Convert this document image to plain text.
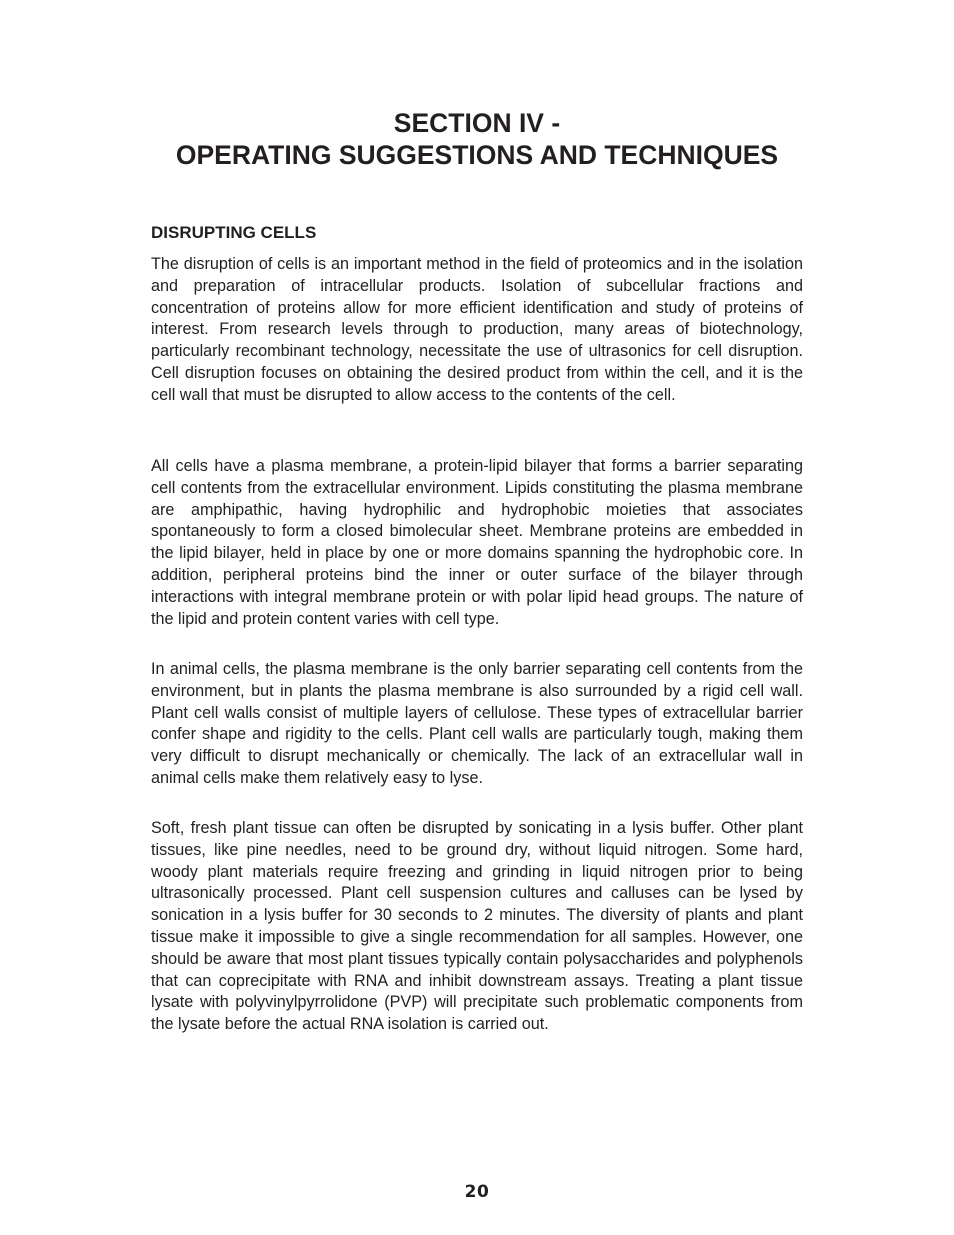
SECTION IV -
OPERATING SUGGESTIONS AND TECHNIQUES
DISRUPTING CELLS

The disruption of cells is an important method in the field of proteomics and in the isolation and preparation of intracellular products. Isolation of subcellular fractions and concentration of proteins allow for more efficient identification and study of proteins of interest. From research levels through to production, many areas of biotechnology, particularly recombinant technology, necessitate the use of ultrasonics for cell disruption. Cell disruption focuses on obtaining the desired product from within the cell, and it is the cell wall that must be disrupted to allow access to the contents of the cell.

All cells have a plasma membrane, a protein-lipid bilayer that forms a barrier separating cell contents from the extracellular environment. Lipids constituting the plasma membrane are amphipathic, having hydrophilic and hydrophobic moieties that associates spontaneously to form a closed bimolecular sheet. Membrane proteins are embedded in the lipid bilayer, held in place by one or more domains spanning the hydrophobic core. In addition, peripheral proteins bind the inner or outer surface of the bilayer through interactions with integral membrane protein or with polar lipid head groups. The nature of the lipid and protein content varies with cell type.

In animal cells, the plasma membrane is the only barrier separating cell contents from the environment, but in plants the plasma membrane is also surrounded by a rigid cell wall. Plant cell walls consist of multiple layers of cellulose. These types of extracellular barrier confer shape and rigidity to the cells. Plant cell walls are particularly tough, making them very difficult to disrupt mechanically or chemically. The lack of an extracellular wall in animal cells make them relatively easy to lyse.

Soft, fresh plant tissue can often be disrupted by sonicating in a lysis buffer. Other plant tissues, like pine needles, need to be ground dry, without liquid nitrogen. Some hard, woody plant materials require freezing and grinding in liquid nitrogen prior to being ultrasonically processed. Plant cell suspension cultures and calluses can be lysed by sonication in a lysis buffer for 30 seconds to 2 minutes. The diversity of plants and plant tissue make it impossible to give a single recommendation for all samples. However, one should be aware that most plant tissues typically contain polysaccharides and polyphenols that can coprecipitate with RNA and inhibit downstream assays. Treating a plant tissue lysate with polyvinylpyrrolidone (PVP) will precipitate such problematic components from the lysate before the actual RNA isolation is carried out.

20
